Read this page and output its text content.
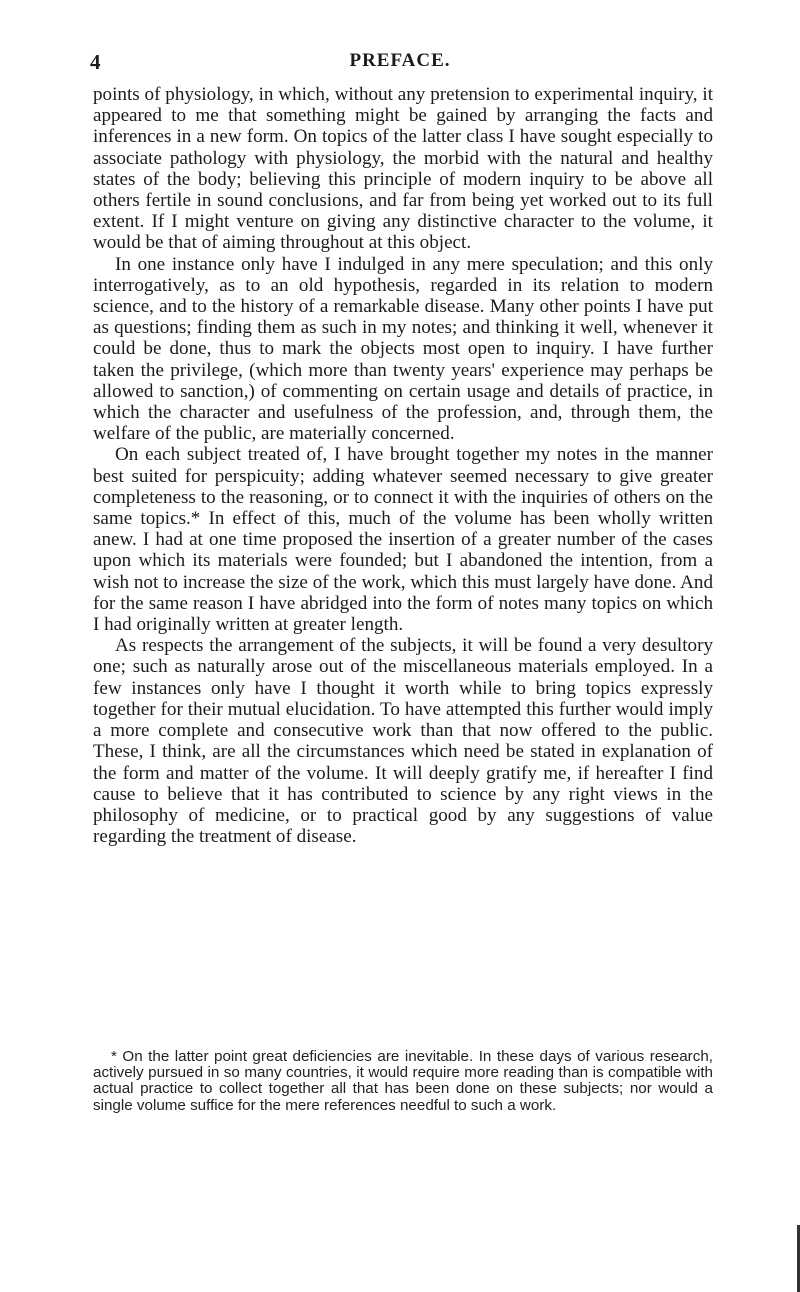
4	PREFACE.

points of physiology, in which, without any pretension to experimental inquiry, it appeared to me that something might be gained by arranging the facts and inferences in a new form. On topics of the latter class I have sought especially to associate pathology with physiology, the morbid with the natural and healthy states of the body; believing this principle of modern inquiry to be above all others fertile in sound conclusions, and far from being yet worked out to its full extent. If I might venture on giving any distinctive character to the volume, it would be that of aiming throughout at this object.

In one instance only have I indulged in any mere speculation; and this only interrogatively, as to an old hypothesis, regarded in its relation to modern science, and to the history of a remarkable disease. Many other points I have put as questions; finding them as such in my notes; and thinking it well, whenever it could be done, thus to mark the objects most open to inquiry. I have further taken the privilege, (which more than twenty years' experience may perhaps be allowed to sanction,) of commenting on certain usage and details of practice, in which the character and usefulness of the profession, and, through them, the welfare of the public, are materially concerned.

On each subject treated of, I have brought together my notes in the manner best suited for perspicuity; adding whatever seemed necessary to give greater completeness to the reasoning, or to connect it with the inquiries of others on the same topics.* In effect of this, much of the volume has been wholly written anew. I had at one time proposed the insertion of a greater number of the cases upon which its materials were founded; but I abandoned the intention, from a wish not to increase the size of the work, which this must largely have done. And for the same reason I have abridged into the form of notes many topics on which I had originally written at greater length.

As respects the arrangement of the subjects, it will be found a very desultory one; such as naturally arose out of the miscellaneous materials employed. In a few instances only have I thought it worth while to bring topics expressly together for their mutual elucidation. To have attempted this further would imply a more complete and consecutive work than that now offered to the public. These, I think, are all the circumstances which need be stated in explanation of the form and matter of the volume. It will deeply gratify me, if hereafter I find cause to believe that it has contributed to science by any right views in the philosophy of medicine, or to practical good by any suggestions of value regarding the treatment of disease.

* On the latter point great deficiencies are inevitable. In these days of various research, actively pursued in so many countries, it would require more reading than is compatible with actual practice to collect together all that has been done on these subjects; nor would a single volume suffice for the mere references needful to such a work.
